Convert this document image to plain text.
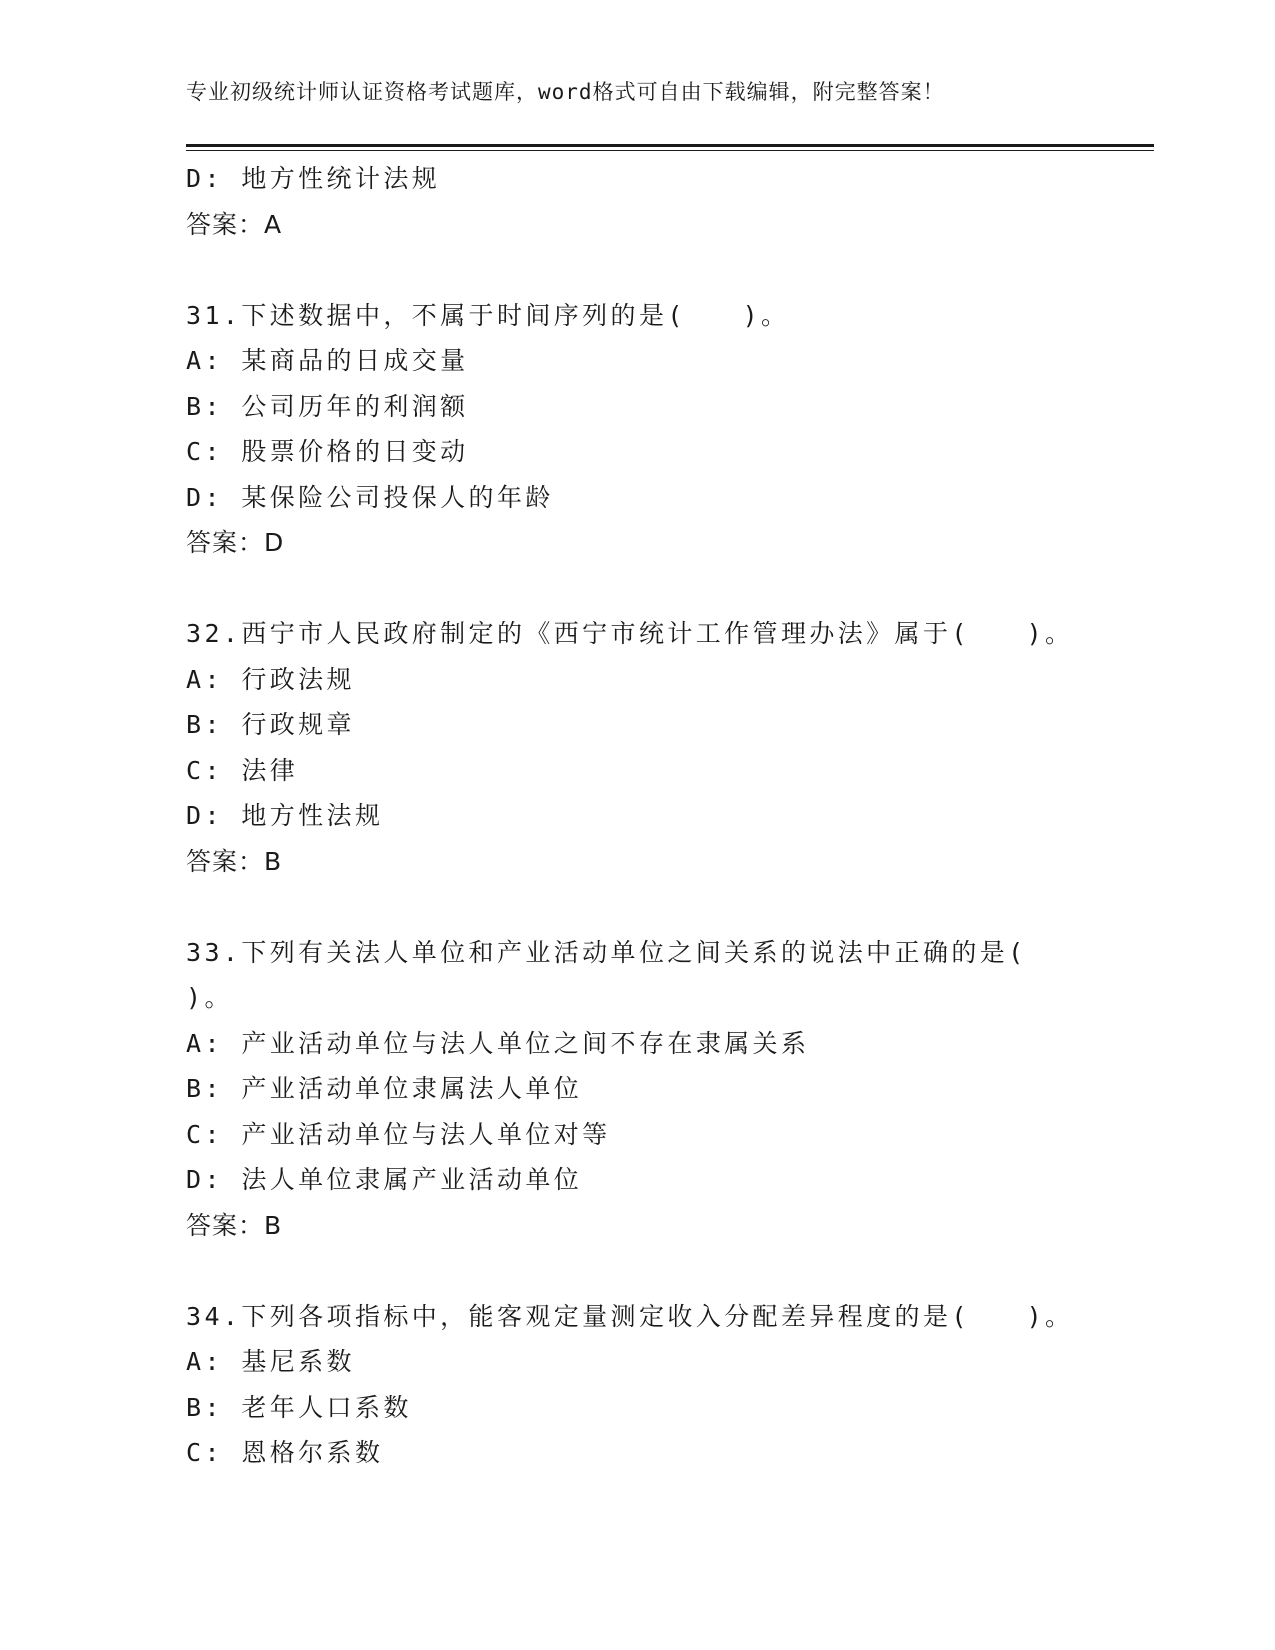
专业初级统计师认证资格考试题库，word格式可自由下载编辑，附完整答案！
D: 地方性统计法规
答案：A
31.下述数据中，不属于时间序列的是(　　)。
A: 某商品的日成交量
B: 公司历年的利润额
C: 股票价格的日变动
D: 某保险公司投保人的年龄
答案：D
32.西宁市人民政府制定的《西宁市统计工作管理办法》属于(　　)。
A: 行政法规
B: 行政规章
C: 法律
D: 地方性法规
答案：B
33.下列有关法人单位和产业活动单位之间关系的说法中正确的是(
)。
A: 产业活动单位与法人单位之间不存在隶属关系
B: 产业活动单位隶属法人单位
C: 产业活动单位与法人单位对等
D: 法人单位隶属产业活动单位
答案：B
34.下列各项指标中，能客观定量测定收入分配差异程度的是(　　)。
A: 基尼系数
B: 老年人口系数
C: 恩格尔系数
